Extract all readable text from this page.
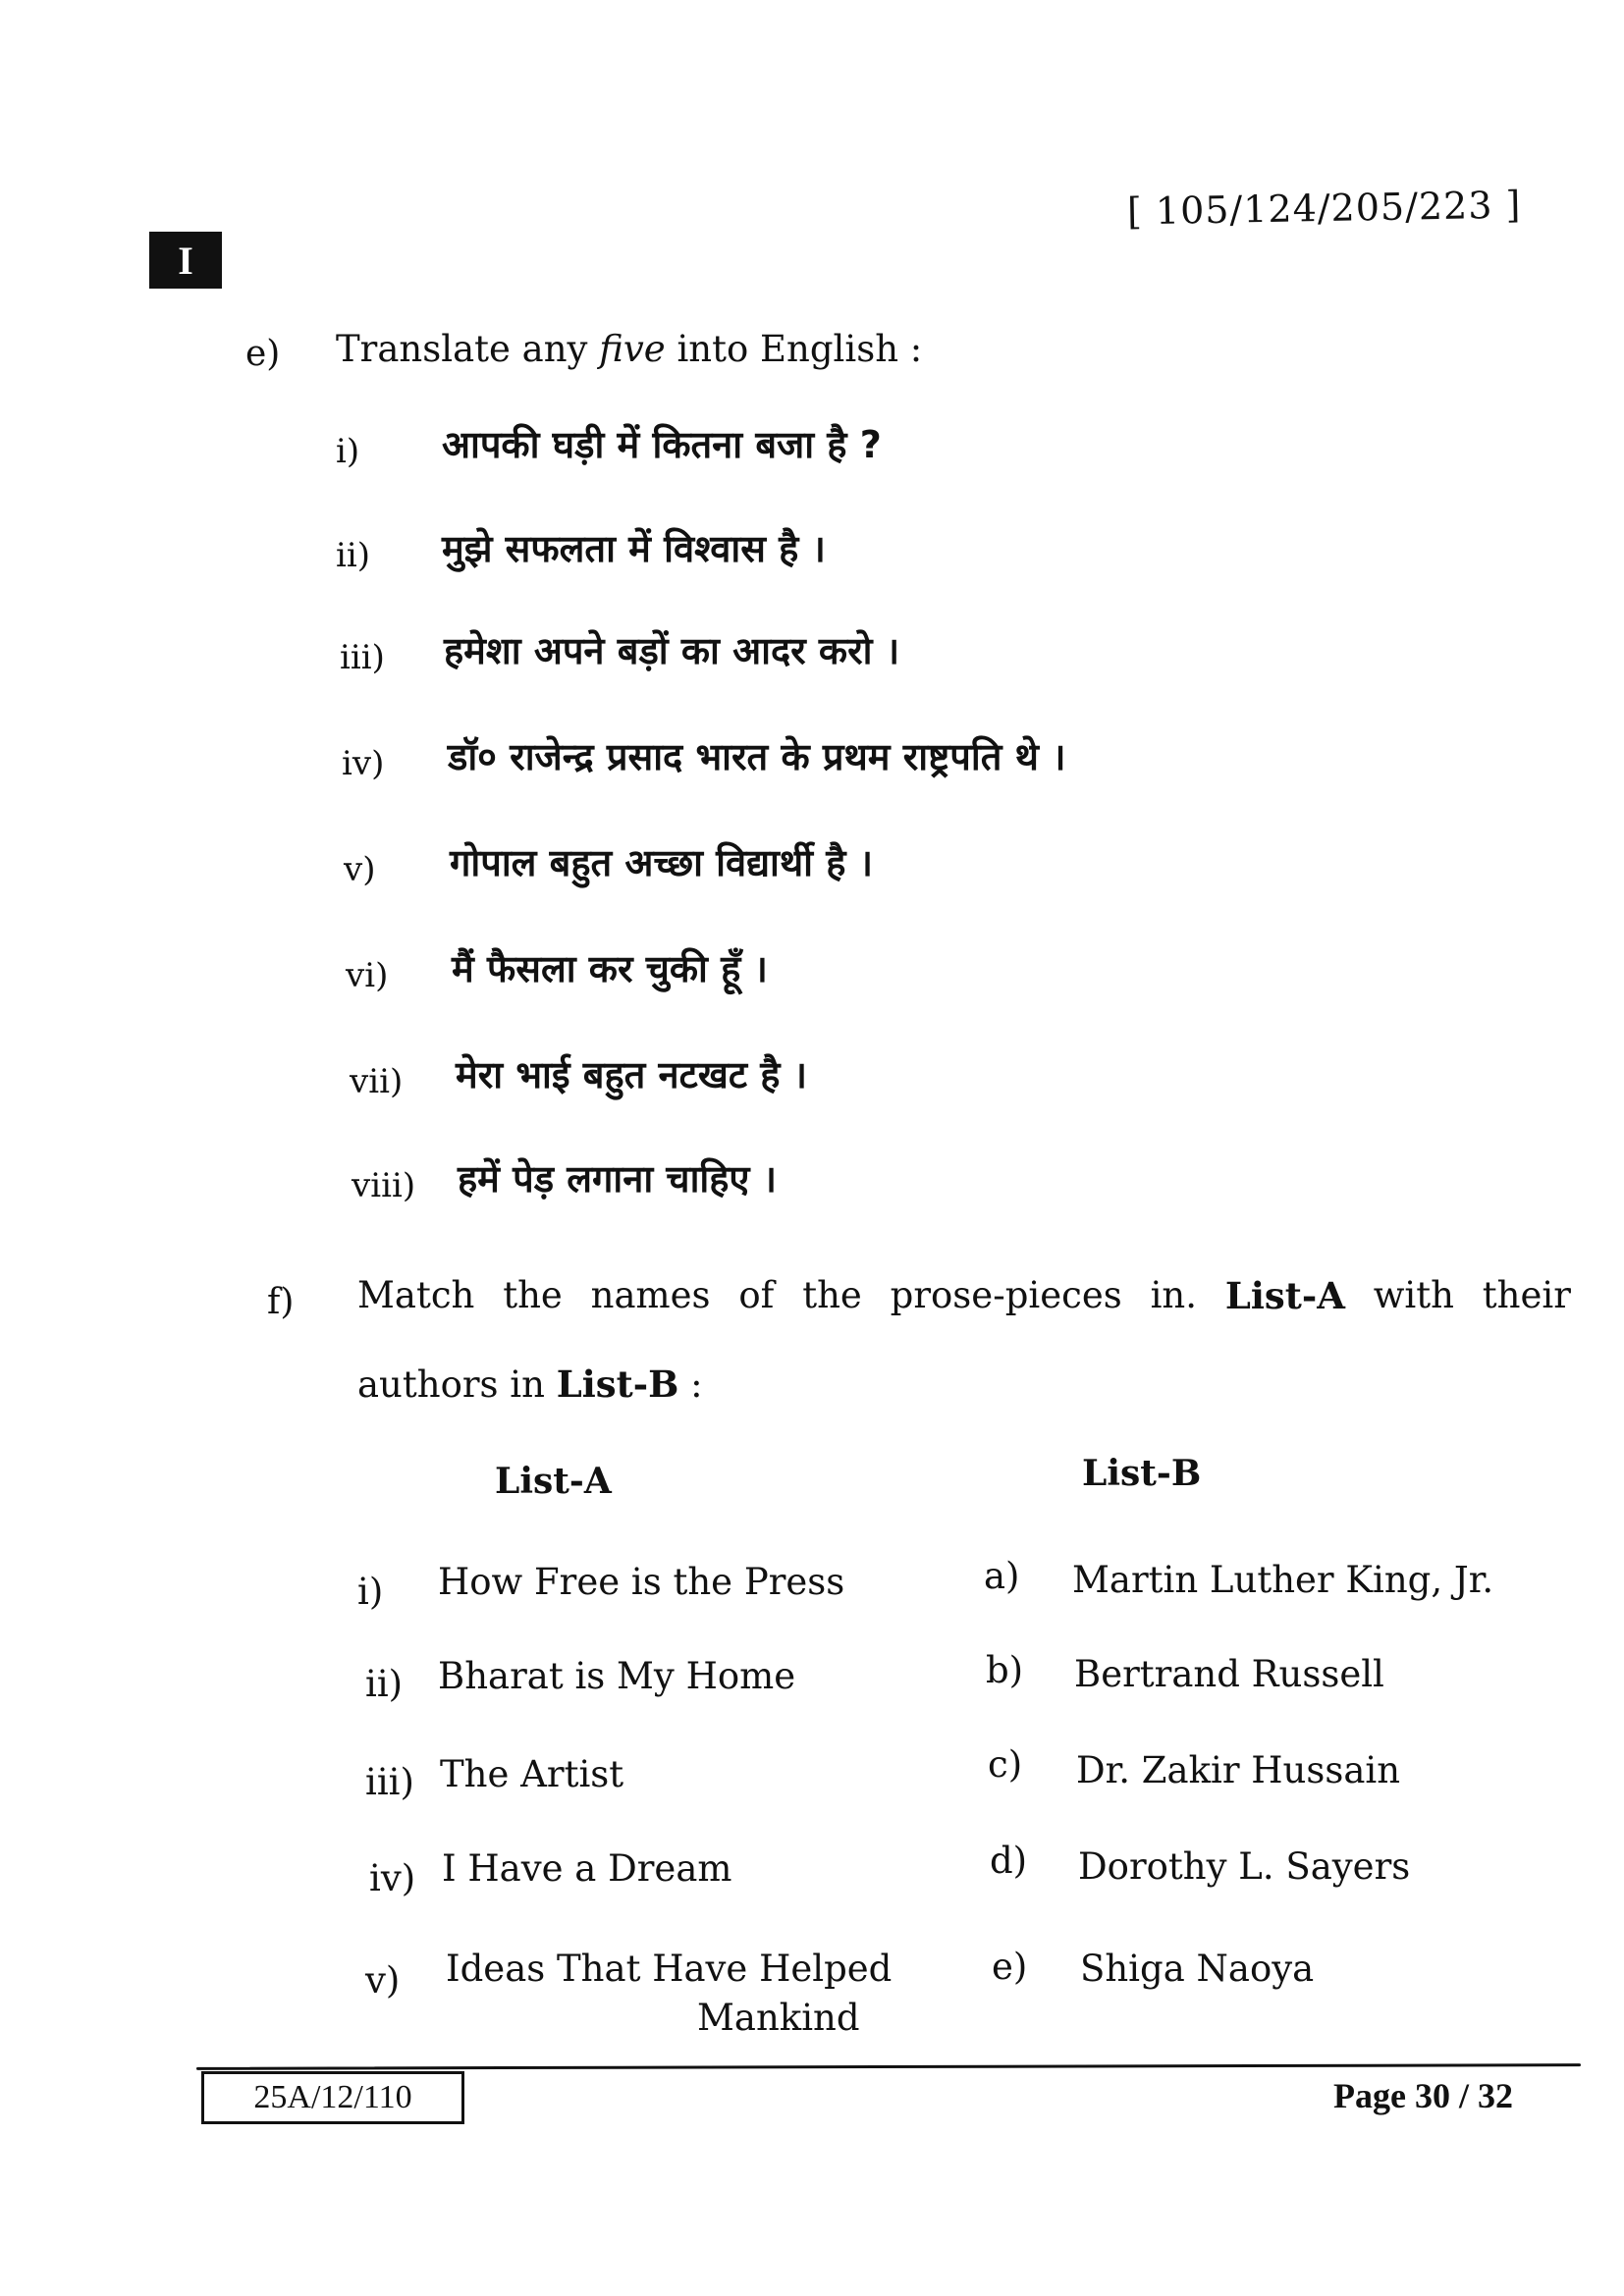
[ 105/124/205/223 ]
I
e) Translate any five into English :
i) आपकी घड़ी में कितना बजा है ?
ii) मुझे सफलता में विश्वास है ।
iii) हमेशा अपने बड़ों का आदर करो ।
iv) डॉ० राजेन्द्र प्रसाद भारत के प्रथम राष्ट्रपति थे ।
v) गोपाल बहुत अच्छा विद्यार्थी है ।
vi) मैं फैसला कर चुकी हूँ ।
vii) मेरा भाई बहुत नटखट है ।
viii) हमें पेड़ लगाना चाहिए ।
f) Match the names of the prose-pieces in. List-A with their
authors in List-B :
List-A	List-B
i) How Free is the Press
ii) Bharat is My Home
iii) The Artist
iv) I Have a Dream
v) Ideas That Have Helped
Mankind
a) Martin Luther King, Jr.
b) Bertrand Russell
c) Dr. Zakir Hussain
d) Dorothy L. Sayers
e) Shiga Naoya
25A/12/110	Page 30 / 32
